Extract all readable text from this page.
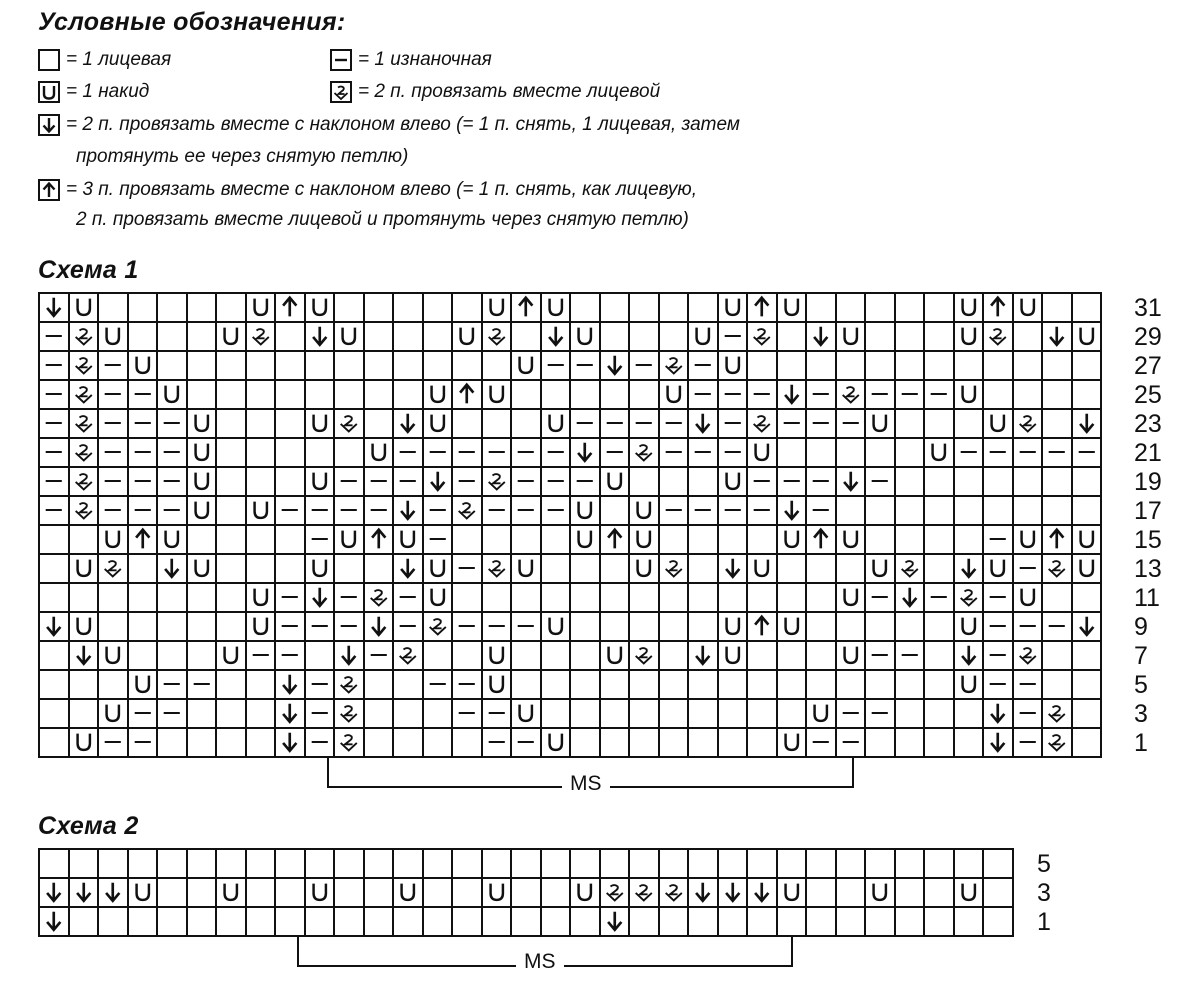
Условные обозначения:
= 1 лицевая	= 1 изнаночная
= 1 накид	= 2 п. провязать вместе лицевой
= 2 п. провязать вместе с наклоном влево (= 1 п. снять, 1 лицевая, затем
протянуть ее через снятую петлю)
= 3 п. провязать вместе с наклоном влево (= 1 п. снять, как лицевую,
2 п. провязать вместе лицевой и протянуть через снятую петлю)
Схема 1
31
29
27
25
23
21
19
17
15
13
11
9
7
5
3
1
MS
Схема 2
5
3
1
MS
